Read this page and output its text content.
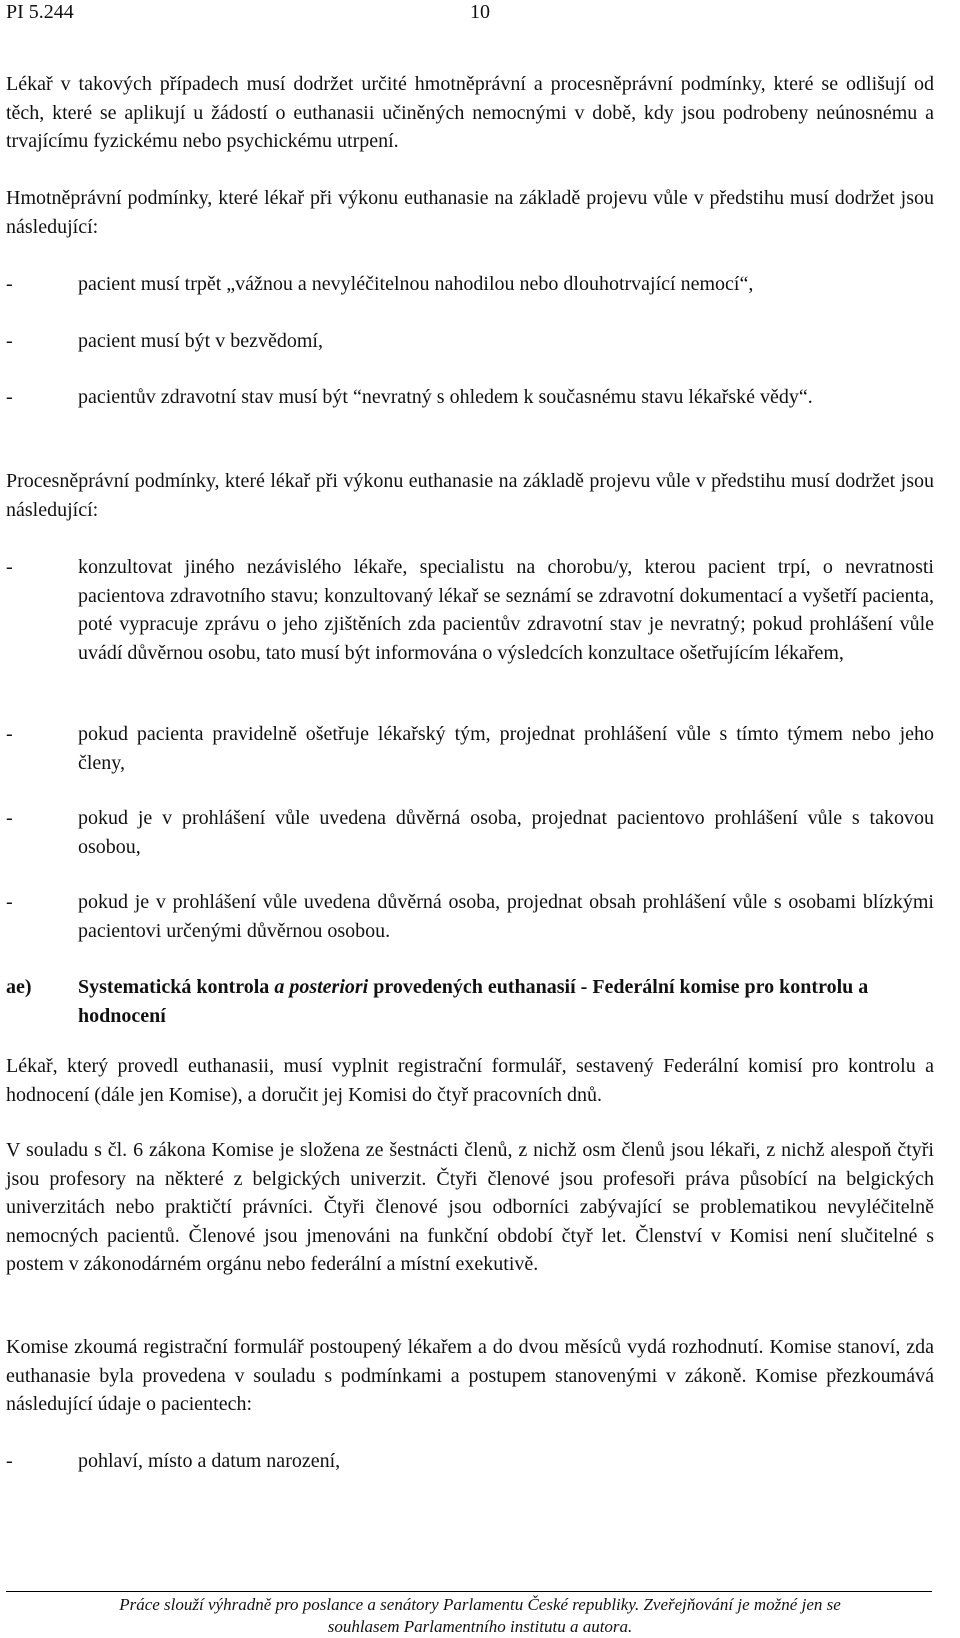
PI 5.244	10
Lékař v takových případech musí dodržet určité hmotněprávní a procesněprávní podmínky, které se odlišují od těch, které se aplikují u žádostí o euthanasii učiněných nemocnými v době, kdy jsou podrobeny neúnosnému a trvajícímu fyzickému nebo psychickému utrpení.
Hmotněprávní podmínky, které lékař při výkonu euthanasie na základě projevu vůle v předstihu musí dodržet jsou následující:
-	pacient musí trpět „vážnou a nevyléčitelnou nahodilou nebo dlouhotrvající nemocí“,
-	pacient musí být v bezvědomí,
-	pacientův zdravotní stav musí být “nevratný s ohledem k současnému stavu lékařské vědy“.
Procesněprávní podmínky, které lékař při výkonu euthanasie na základě projevu vůle v předstihu musí dodržet jsou následující:
-	konzultovat jiného nezávislého lékaře, specialistu na chorobu/y, kterou pacient trpí, o nevratnosti pacientova zdravotního stavu; konzultovaný lékař se seznámí se zdravotní dokumentací a vyšetří pacienta, poté vypracuje zprávu o jeho zjištěních zda pacientův zdravotní stav je nevratný; pokud prohlášení vůle uvádí důvěrnou osobu, tato musí být informována o výsledcích konzultace ošetřujícím lékařem,
-	pokud pacienta pravidelně ošetřuje lékařský tým, projednat prohlášení vůle s tímto týmem nebo jeho členy,
-	pokud je v prohlášení vůle uvedena důvěrná osoba, projednat pacientovo prohlášení vůle s takovou osobou,
-	pokud je v prohlášení vůle uvedena důvěrná osoba, projednat obsah prohlášení vůle s osobami blízkými pacientovi určenými důvěrnou osobou.
ae) Systematická kontrola a posteriori provedených euthanasií - Federální komise pro kontrolu a hodnocení
Lékař, který provedl euthanasii, musí vyplnit registrační formulář, sestavený Federální komisí pro kontrolu a hodnocení (dále jen Komise), a doručit jej Komisi do čtyř pracovních dnů.
V souladu s čl. 6 zákona Komise je složena ze šestnácti členů, z nichž osm členů jsou lékaři, z nichž alespoň čtyři jsou profesory na některé z belgických univerzit. Čtyři členové jsou profesoři práva působící na belgických univerzitách nebo praktičtí právníci. Čtyři členové jsou odborníci zabývající se problematikou nevyléčitelně nemocných pacientů. Členové jsou jmenováni na funkční období čtyř let. Členství v Komisi není slučitelné s postem v zákonodárném orgánu nebo federální a místní exekutivě.
Komise zkoumá registrační formulář postoupený lékařem a do dvou měsíců vydá rozhodnutí. Komise stanoví, zda euthanasie byla provedena v souladu s podmínkami a postupem stanovenými v zákoně. Komise přezkoumává následující údaje o pacientech:
-	pohlaví, místo a datum narození,
Práce slouží výhradně pro poslance a senátory Parlamentu České republiky. Zveřejňování je možné jen se
souhlasem Parlamentního institutu a autora.
